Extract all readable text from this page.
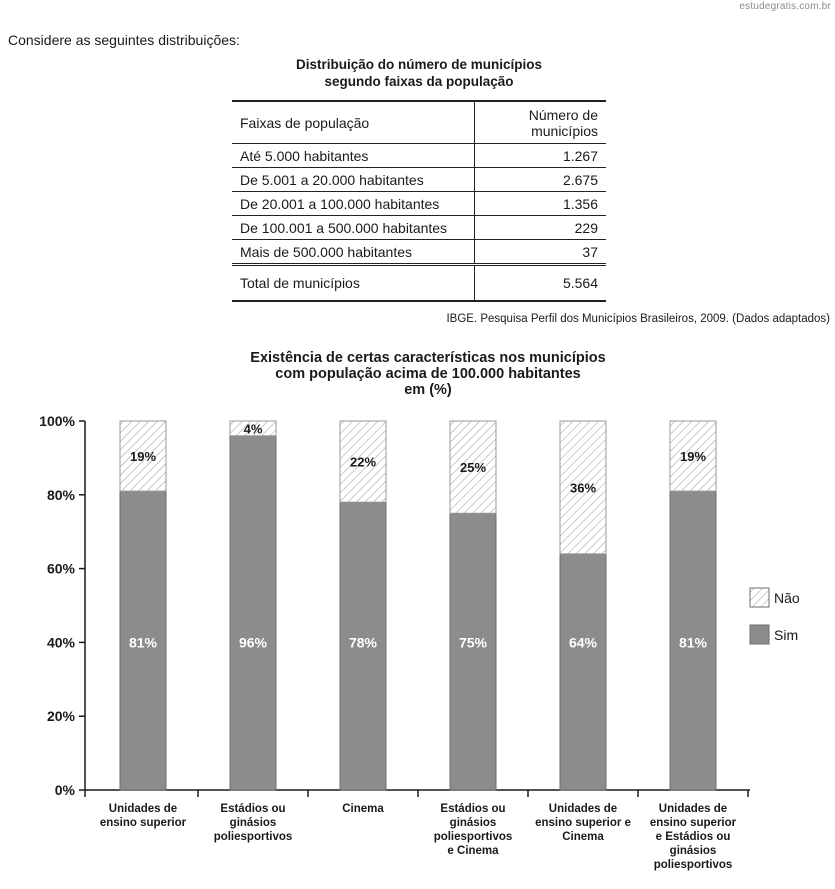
estudegratis.com.br
Considere as seguintes distribuições:
Distribuição do número de municípios
segundo faixas da população
Faixas de população	Número de
municípios
Até 5.000 habitantes	1.267
De 5.001 a 20.000 habitantes	2.675
De 20.001 a 100.000 habitantes	1.356
De 100.001 a 500.000 habitantes	229
Mais de 500.000 habitantes	37
Total de municípios	5.564
IBGE. Pesquisa Perfil dos Municípios Brasileiros, 2009. (Dados adaptados)
Existência de certas características nos municípios
com população acima de 100.000 habitantes
em (%)
0%
20%
40%
60%
80%
100%
81%
19%
Unidades de ensino superior
96%
4%
Estádios ou ginásios poliesportivos
78%
22%
Cinema
75%
25%
Estádios ou ginásios poliesportivos e Cinema
64%
36%
Unidades de ensino superior e Cinema
81%
19%
Unidades de ensino superior e Estádios ou ginásios poliesportivos
Não
Sim
